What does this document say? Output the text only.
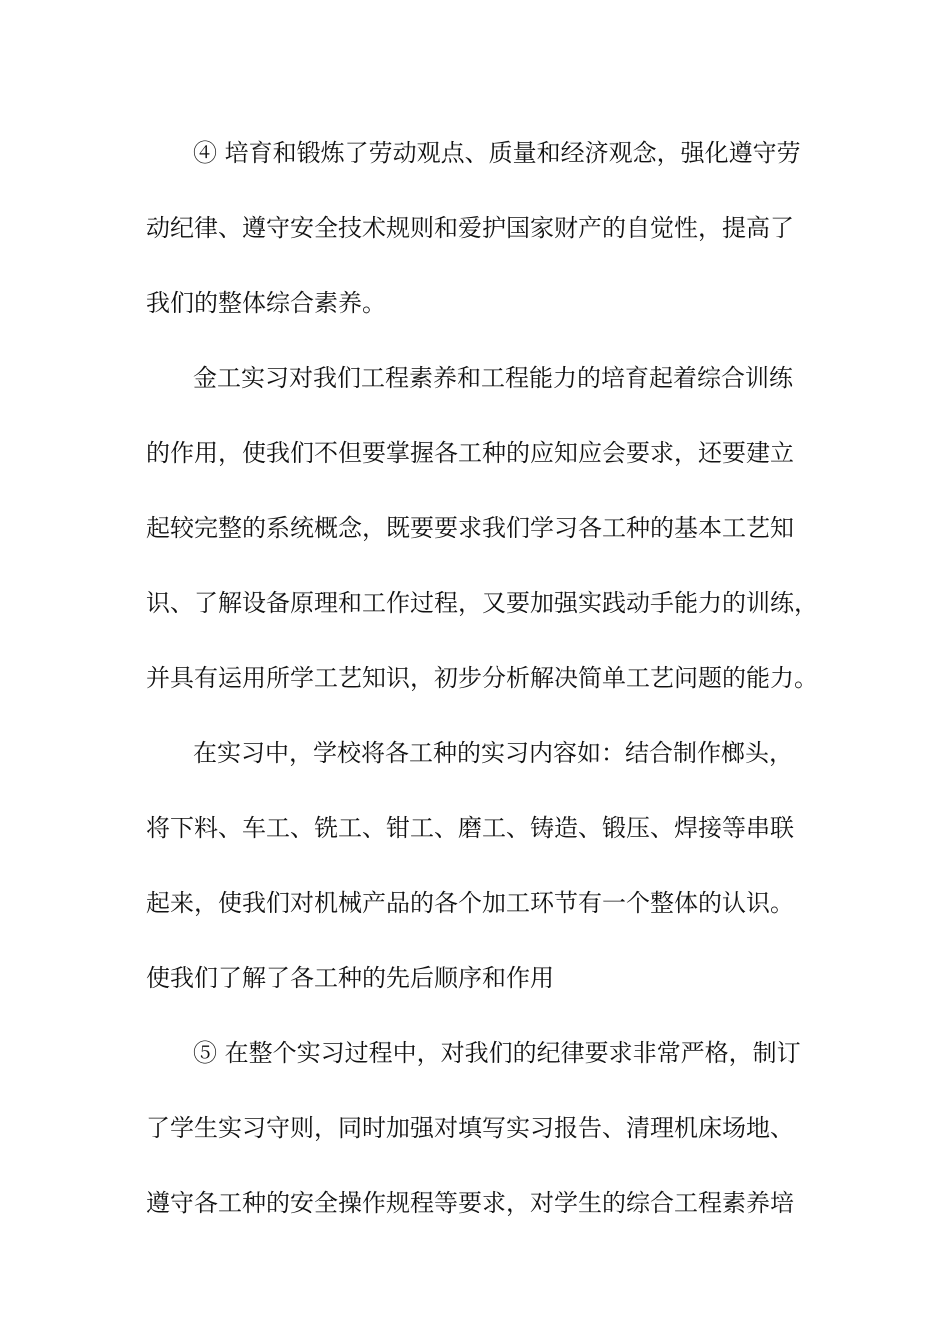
④ 培育和锻炼了劳动观点、质量和经济观念，强化遵守劳
动纪律、遵守安全技术规则和爱护国家财产的自觉性，提高了
我们的整体综合素养。
金工实习对我们工程素养和工程能力的培育起着综合训练
的作用，使我们不但要掌握各工种的应知应会要求，还要建立
起较完整的系统概念，既要要求我们学习各工种的基本工艺知
识、了解设备原理和工作过程，又要加强实践动手能力的训练，
并具有运用所学工艺知识，初步分析解决简单工艺问题的能力。
在实习中，学校将各工种的实习内容如：结合制作榔头，
将下料、车工、铣工、钳工、磨工、铸造、锻压、焊接等串联
起来，使我们对机械产品的各个加工环节有一个整体的认识。
使我们了解了各工种的先后顺序和作用
⑤ 在整个实习过程中，对我们的纪律要求非常严格，制订
了学生实习守则，同时加强对填写实习报告、清理机床场地、
遵守各工种的安全操作规程等要求，对学生的综合工程素养培
